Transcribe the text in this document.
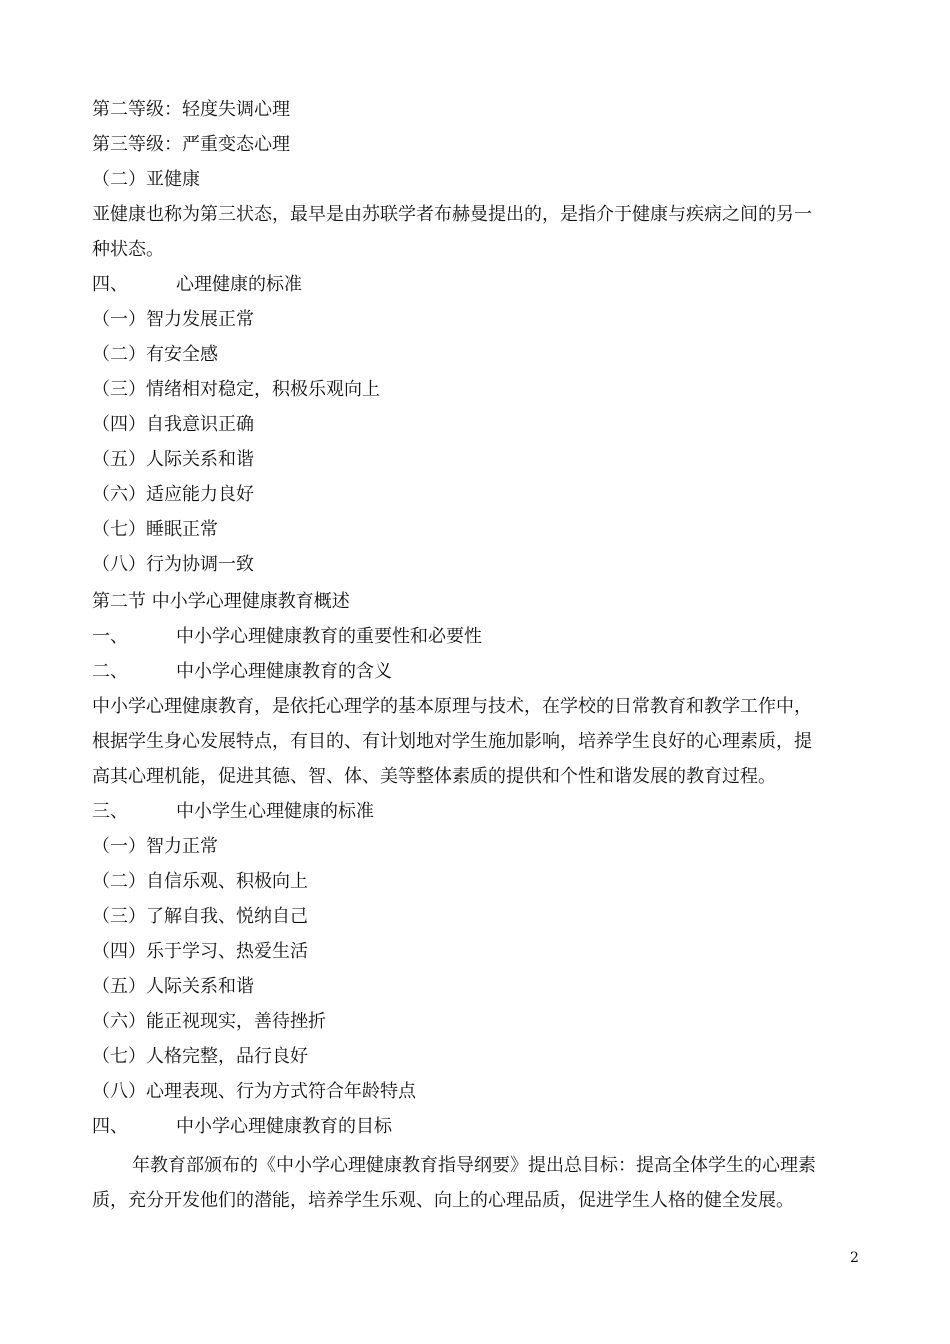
第二等级：轻度失调心理
第三等级：严重变态心理
（二）亚健康
亚健康也称为第三状态，最早是由苏联学者布赫曼提出的，是指介于健康与疾病之间的另一
种状态。
四、	心理健康的标准
（一）智力发展正常
（二）有安全感
（三）情绪相对稳定，积极乐观向上
（四）自我意识正确
（五）人际关系和谐
（六）适应能力良好
（七）睡眠正常
（八）行为协调一致
第二节 中小学心理健康教育概述
一、	中小学心理健康教育的重要性和必要性
二、	中小学心理健康教育的含义
中小学心理健康教育，是依托心理学的基本原理与技术，在学校的日常教育和教学工作中，
根据学生身心发展特点，有目的、有计划地对学生施加影响，培养学生良好的心理素质，提
高其心理机能，促进其德、智、体、美等整体素质的提供和个性和谐发展的教育过程。
三、	中小学生心理健康的标准
（一）智力正常
（二）自信乐观、积极向上
（三）了解自我、悦纳自己
（四）乐于学习、热爱生活
（五）人际关系和谐
（六）能正视现实，善待挫折
（七）人格完整，品行良好
（八）心理表现、行为方式符合年龄特点
四、	中小学心理健康教育的目标
年教育部颁布的《中小学心理健康教育指导纲要》提出总目标：提高全体学生的心理素
质，充分开发他们的潜能，培养学生乐观、向上的心理品质，促进学生人格的健全发展。
2
